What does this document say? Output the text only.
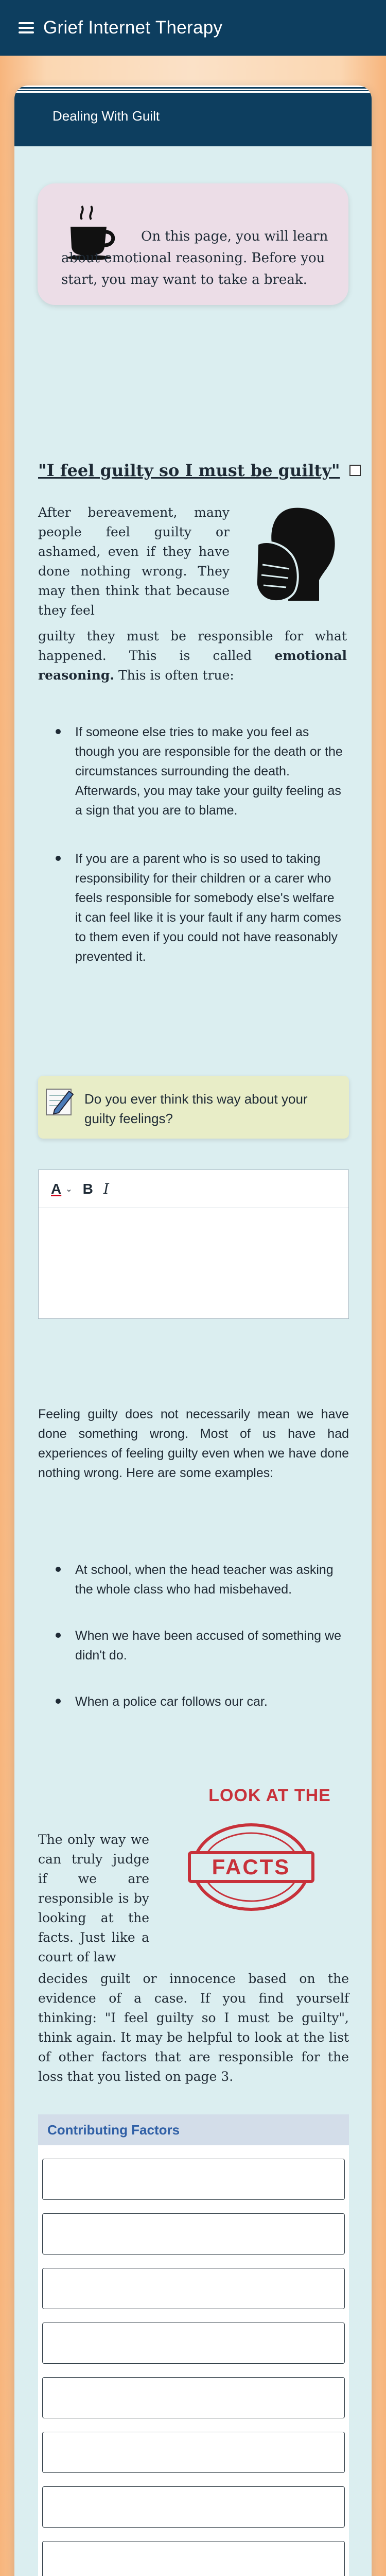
Grief Internet Therapy
Dealing With Guilt

On this page, you will learn about emotional reasoning. Before you start, you may want to take a break.

"I feel guilty so I must be guilty"

After bereavement, many people feel guilty or ashamed, even if they have done nothing wrong. They may then think that because they feel

guilty they must be responsible for what happened. This is called emotional reasoning. This is often true:

If someone else tries to make you feel as though you are responsible for the death or the circumstances surrounding the death. Afterwards, you may take your guilty feeling as a sign that you are to blame.
If you are a parent who is so used to taking responsibility for their children or a carer who feels responsible for somebody else's welfare it can feel like it is your fault if any harm comes to them even if you could not have reasonably prevented it.
Do you ever think this way about your guilty feelings?
A ⌄ B I

Feeling guilty does not necessarily mean we have done something wrong. Most of us have had experiences of feeling guilty even when we have done nothing wrong. Here are some examples:

At school, when the head teacher was asking the whole class who had misbehaved.
When we have been accused of something we didn't do.
When a police car follows our car.
LOOK AT THE
FACTS

The only way we can truly judge if we are responsible is by looking at the facts. Just like a court of law

decides guilt or innocence based on the evidence of a case. If you find yourself thinking: "I feel guilty so I must be guilty", think again. It may be helpful to look at the list of other factors that are responsible for the loss that you listed on page 3.

Contributing Factors
